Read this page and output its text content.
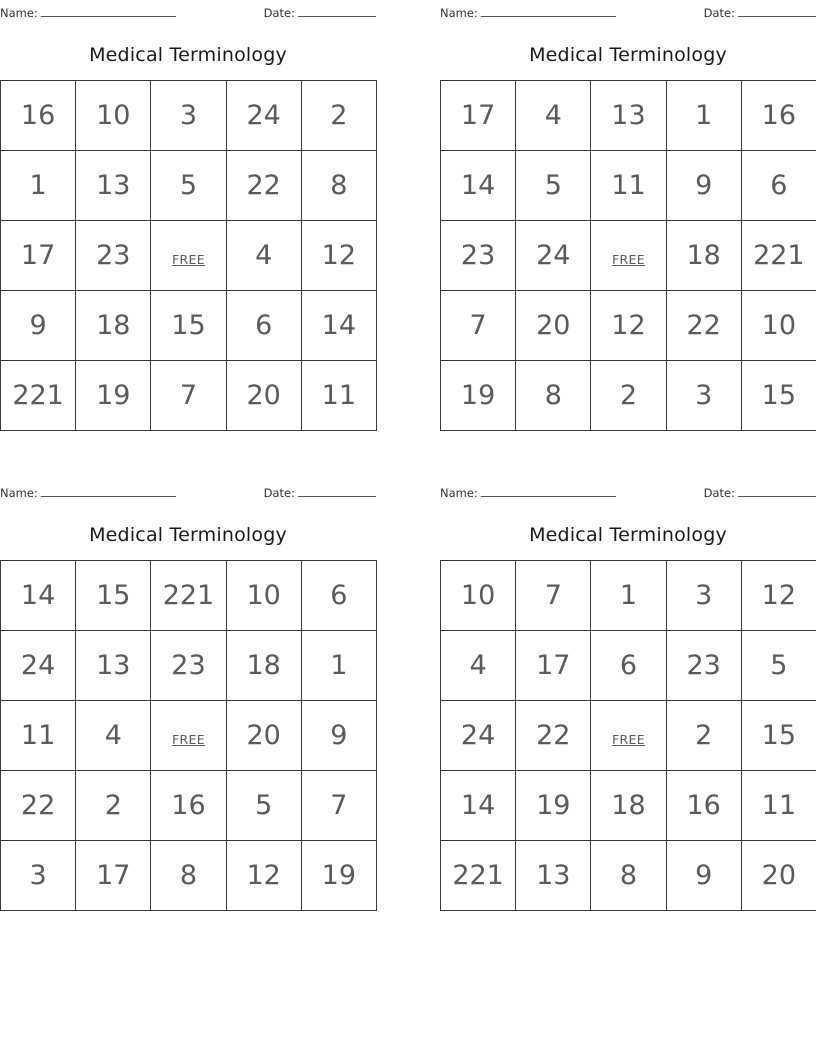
Name:	Date:
Medical Terminology
16	10	3	24	2
1	13	5	22	8
17	23	FREE	4	12
9	18	15	6	14
221	19	7	20	11
Name:	Date:
Medical Terminology
17	4	13	1	16
14	5	11	9	6
23	24	FREE	18	221
7	20	12	22	10
19	8	2	3	15
Name:	Date:
Medical Terminology
14	15	221	10	6
24	13	23	18	1
11	4	FREE	20	9
22	2	16	5	7
3	17	8	12	19
Name:	Date:
Medical Terminology
10	7	1	3	12
4	17	6	23	5
24	22	FREE	2	15
14	19	18	16	11
221	13	8	9	20
